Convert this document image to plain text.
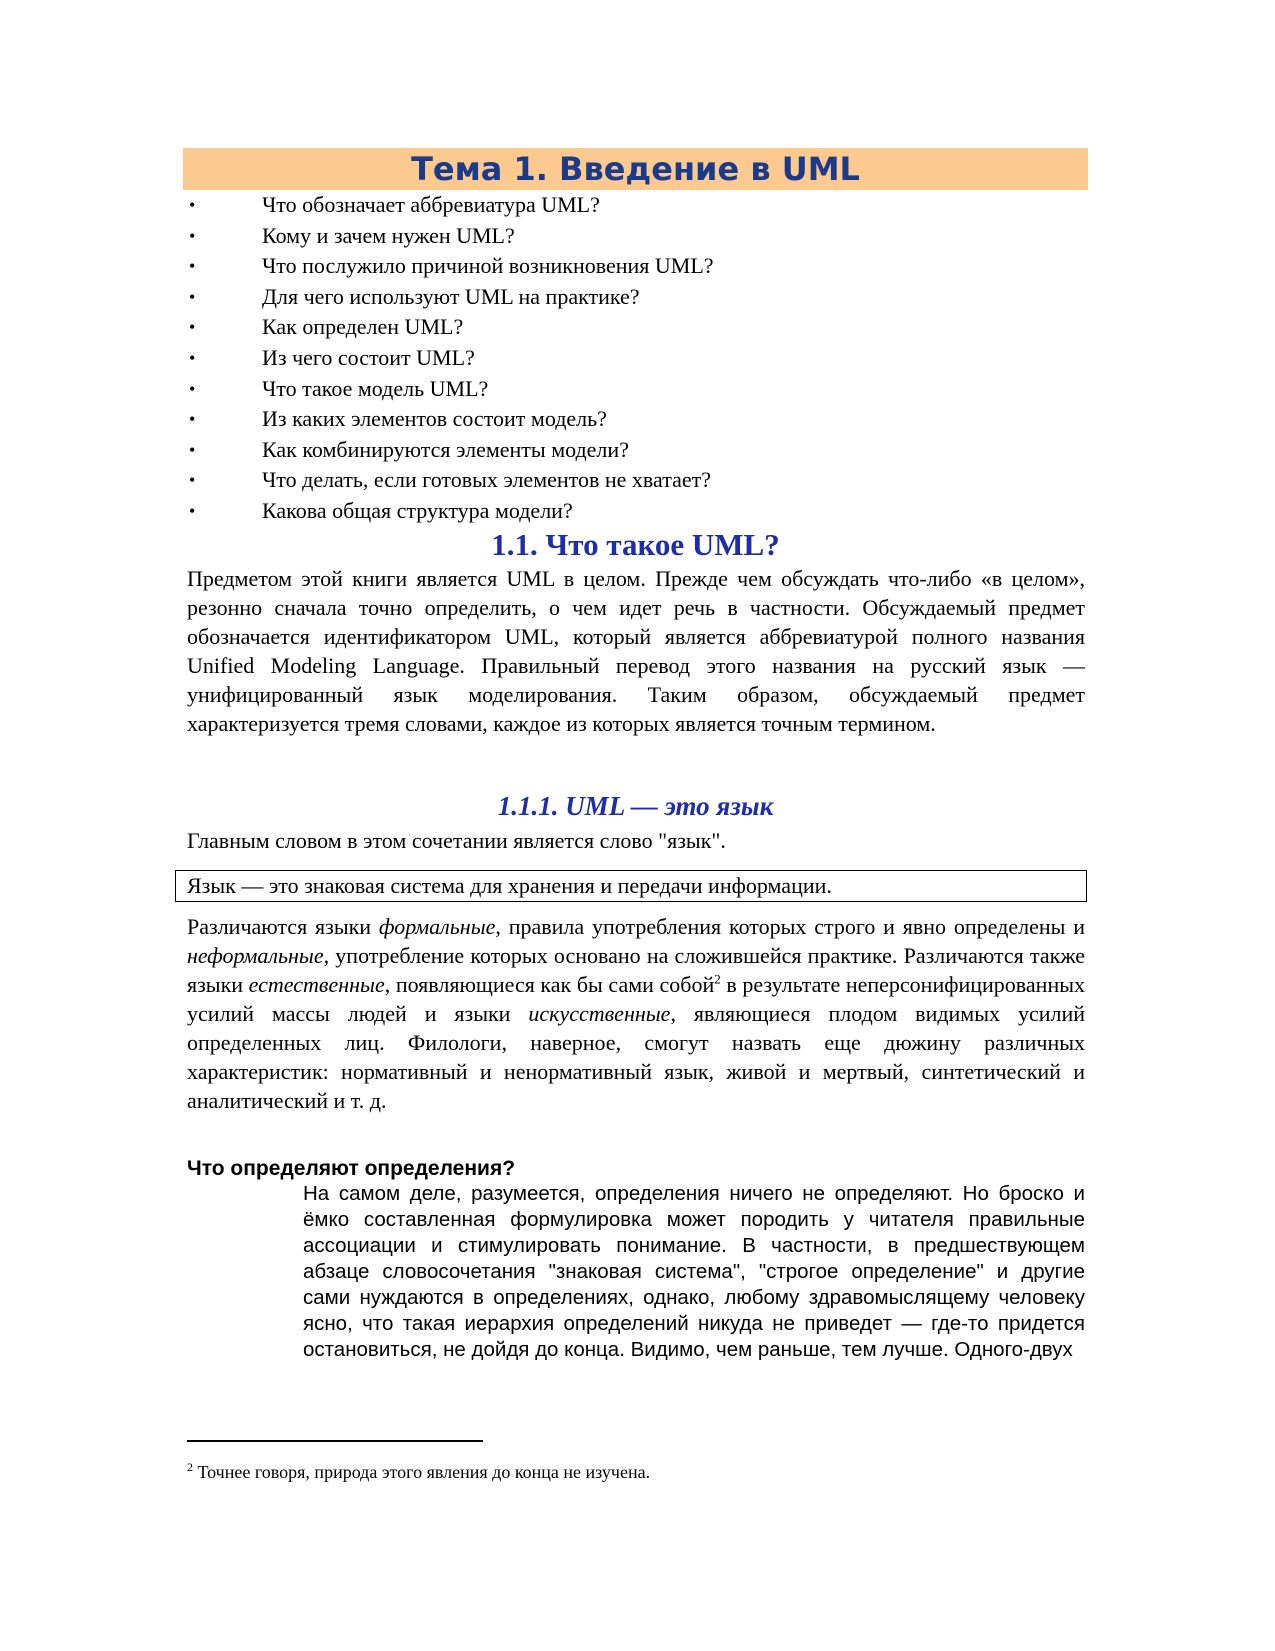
Тема 1. Введение в UML
•	Что обозначает аббревиатура UML?
•	Кому и зачем нужен UML?
•	Что послужило причиной возникновения UML?
•	Для чего используют UML на практике?
•	Как определен UML?
•	Из чего состоит UML?
•	Что такое модель UML?
•	Из каких элементов состоит модель?
•	Как комбинируются элементы модели?
•	Что делать, если готовых элементов не хватает?
•	Какова общая структура модели?
1.1. Что такое UML?

Предметом этой книги является UML в целом. Прежде чем обсуждать что-либо «в целом», резонно сначала точно определить, о чем идет речь в частности. Обсуждаемый предмет обозначается идентификатором UML, который является аббревиатурой полного названия Unified Modeling Language. Правильный перевод этого названия на русский язык — унифицированный язык моделирования. Таким образом, обсуждаемый предмет характеризуется тремя словами, каждое из которых является точным термином.

1.1.1. UML — это язык

Главным словом в этом сочетании является слово "язык".

Язык — это знаковая система для хранения и передачи информации.

Различаются языки формальные, правила употребления которых строго и явно определены и неформальные, употребление которых основано на сложившейся практике. Различаются также языки естественные, появляющиеся как бы сами собой$^2$ в результате неперсонифицированных усилий массы людей и языки искусственные, являющиеся плодом видимых усилий определенных лиц. Филологи, наверное, смогут назвать еще дюжину различных характеристик: нормативный и ненормативный язык, живой и мертвый, синтетический и аналитический и т. д.

Что определяют определения?

На самом деле, разумеется, определения ничего не определяют. Но броско и ёмко составленная формулировка может породить у читателя правильные ассоциации и стимулировать понимание. В частности, в предшествующем абзаце словосочетания "знаковая система", "строгое определение" и другие сами нуждаются в определениях, однако, любому здравомыслящему человеку ясно, что такая иерархия определений никуда не приведет — где-то придется остановиться, не дойдя до конца. Видимо, чем раньше, тем лучше. Одного-двух

$^2$ Точнее говоря, природа этого явления до конца не изучена.
